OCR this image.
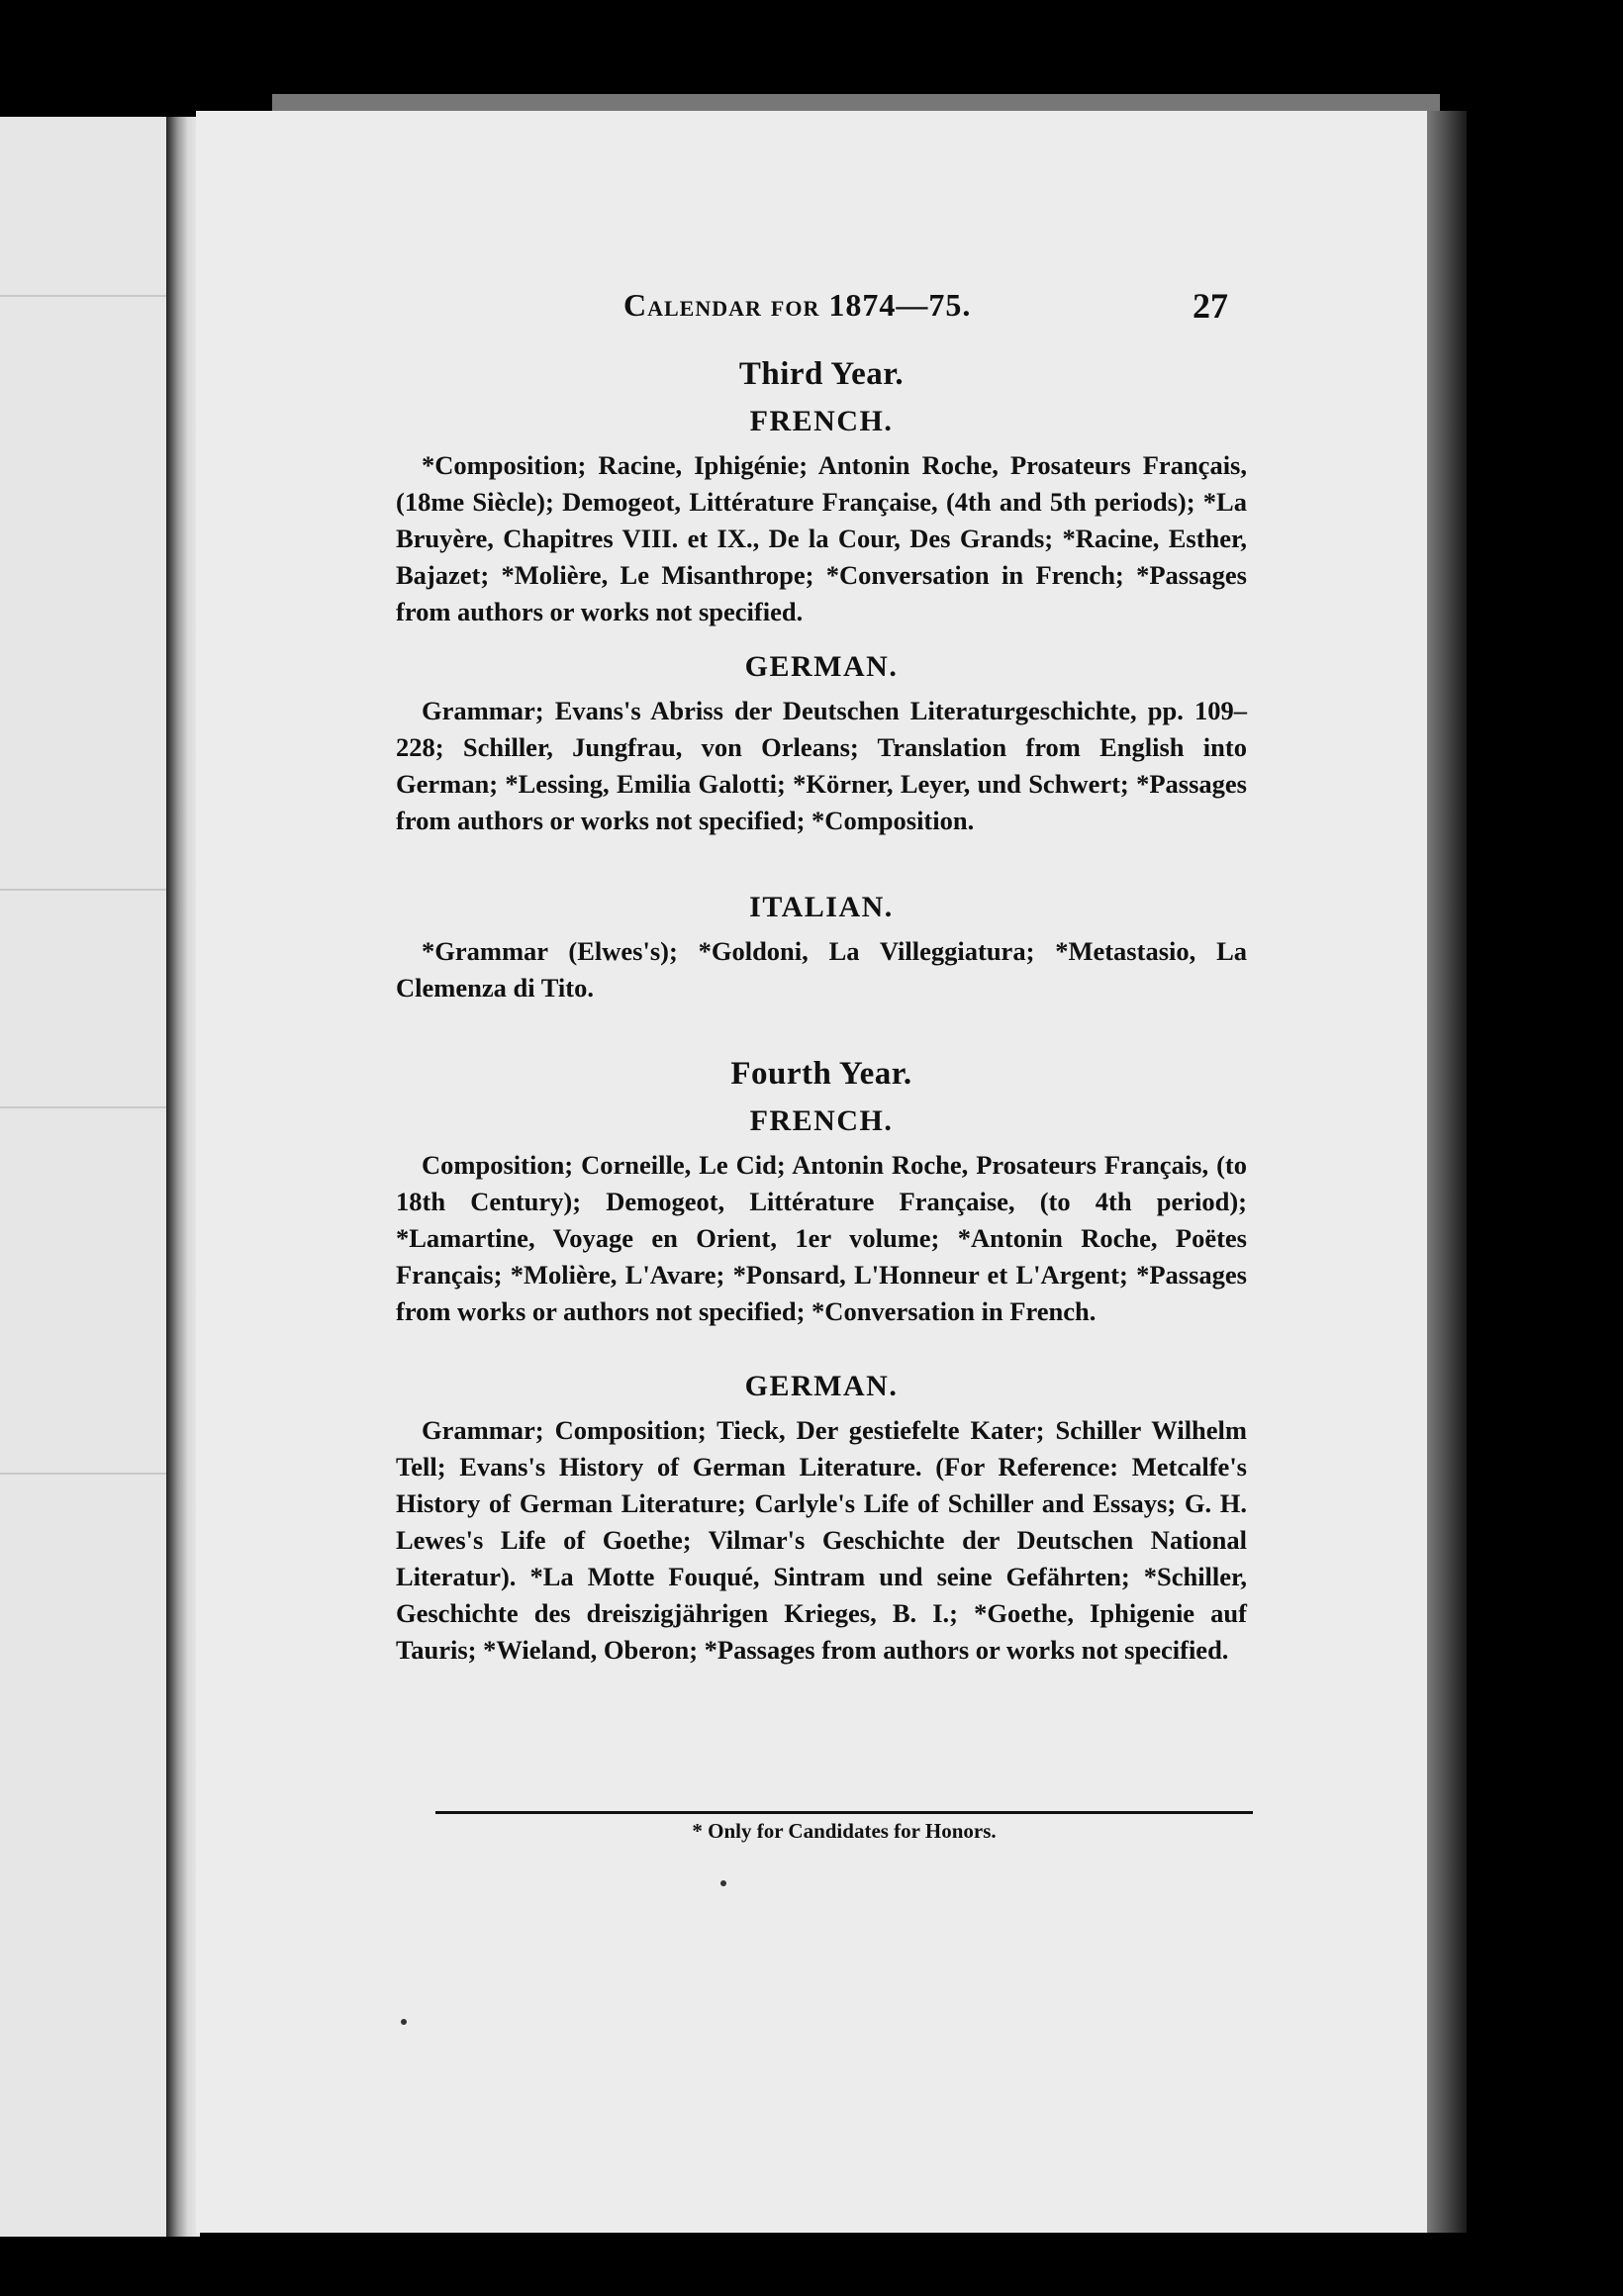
Calendar for 1874—75.	27
Third Year.
FRENCH.

*Composition; Racine, Iphigénie; Antonin Roche, Prosateurs Français, (18me Siècle); Demogeot, Littérature Française, (4th and 5th periods); *La Bruyère, Chapitres VIII. et IX., De la Cour, Des Grands; *Racine, Esther, Bajazet; *Molière, Le Misanthrope; *Conversation in French; *Passages from authors or works not specified.

GERMAN.

Grammar; Evans's Abriss der Deutschen Literaturgeschichte, pp. 109–228; Schiller, Jungfrau, von Orleans; Translation from English into German; *Lessing, Emilia Galotti; *Körner, Leyer, und Schwert; *Passages from authors or works not specified; *Composition.

ITALIAN.

*Grammar (Elwes's); *Goldoni, La Villeggiatura; *Metastasio, La Clemenza di Tito.

Fourth Year.
FRENCH.

Composition; Corneille, Le Cid; Antonin Roche, Prosateurs Français, (to 18th Century); Demogeot, Littérature Française, (to 4th period); *Lamartine, Voyage en Orient, 1er volume; *Antonin Roche, Poëtes Français; *Molière, L'Avare; *Ponsard, L'Honneur et L'Argent; *Passages from works or authors not specified; *Conversation in French.

GERMAN.

Grammar; Composition; Tieck, Der gestiefelte Kater; Schiller Wilhelm Tell; Evans's History of German Literature. (For Reference: Metcalfe's History of German Literature; Carlyle's Life of Schiller and Essays; G. H. Lewes's Life of Goethe; Vilmar's Geschichte der Deutschen National Literatur). *La Motte Fouqué, Sintram und seine Gefährten; *Schiller, Geschichte des dreiszigjährigen Krieges, B. I.; *Goethe, Iphigenie auf Tauris; *Wieland, Oberon; *Passages from authors or works not specified.

* Only for Candidates for Honors.
